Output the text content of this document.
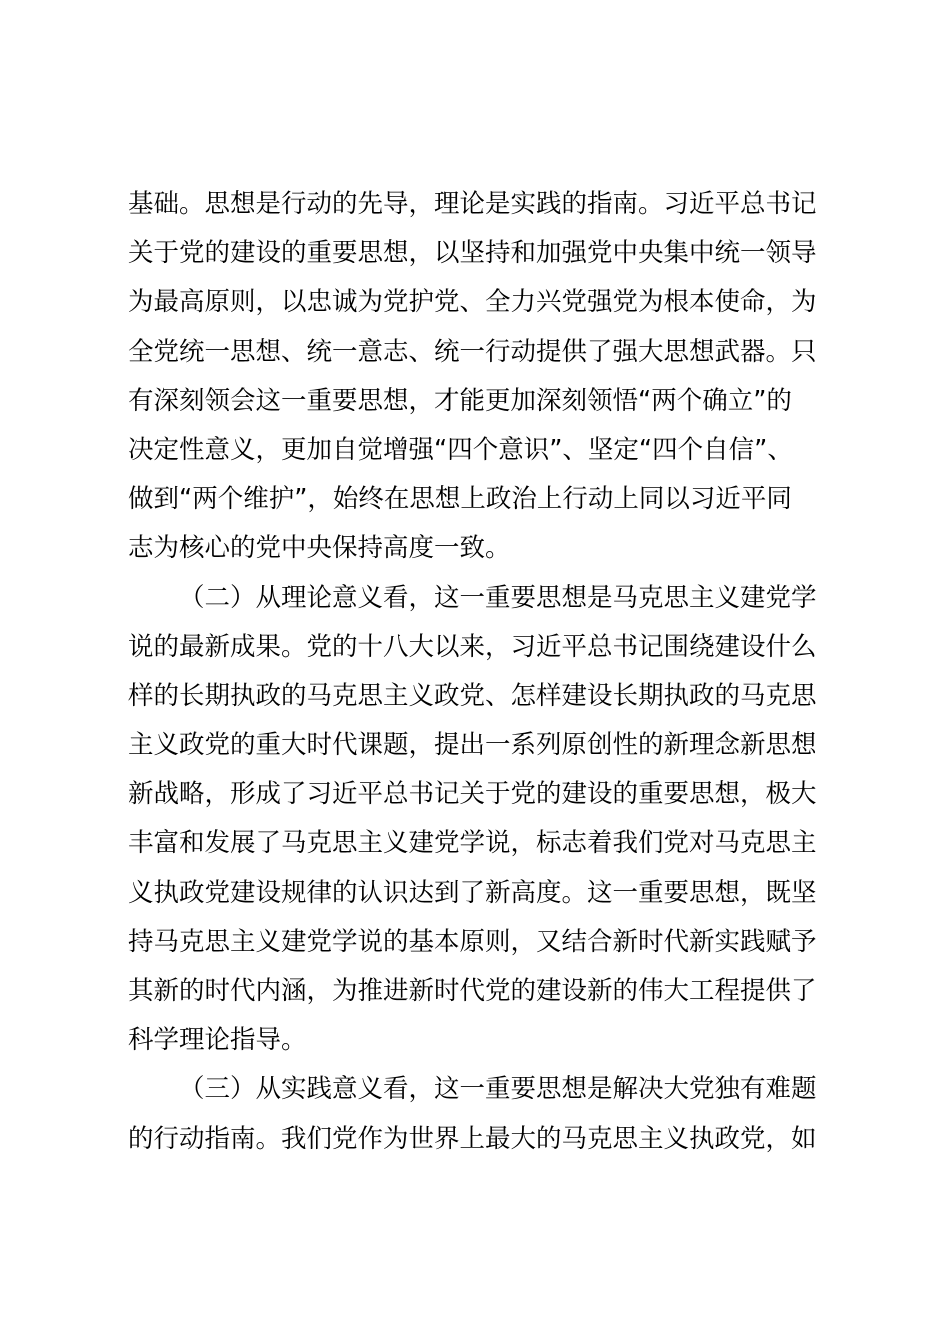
基础。思想是行动的先导，理论是实践的指南。习近平总书记
关于党的建设的重要思想，以坚持和加强党中央集中统一领导
为最高原则，以忠诚为党护党、全力兴党强党为根本使命，为
全党统一思想、统一意志、统一行动提供了强大思想武器。只
有深刻领会这一重要思想，才能更加深刻领悟“两个确立”的
决定性意义，更加自觉增强“四个意识”、坚定“四个自信”、
做到“两个维护”，始终在思想上政治上行动上同以习近平同
志为核心的党中央保持高度一致。
（二）从理论意义看，这一重要思想是马克思主义建党学
说的最新成果。党的十八大以来，习近平总书记围绕建设什么
样的长期执政的马克思主义政党、怎样建设长期执政的马克思
主义政党的重大时代课题，提出一系列原创性的新理念新思想
新战略，形成了习近平总书记关于党的建设的重要思想，极大
丰富和发展了马克思主义建党学说，标志着我们党对马克思主
义执政党建设规律的认识达到了新高度。这一重要思想，既坚
持马克思主义建党学说的基本原则，又结合新时代新实践赋予
其新的时代内涵，为推进新时代党的建设新的伟大工程提供了
科学理论指导。
（三）从实践意义看，这一重要思想是解决大党独有难题
的行动指南。我们党作为世界上最大的马克思主义执政党，如
